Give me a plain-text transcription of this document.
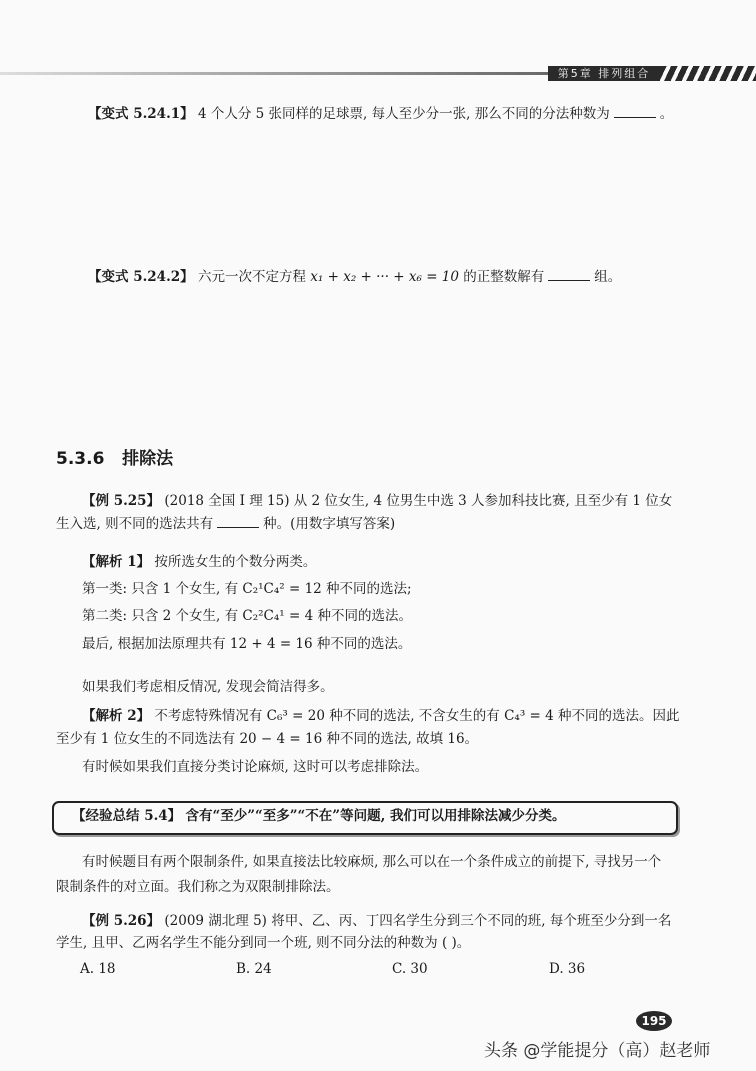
第5章 排列组合
【变式 5.24.1】 4 个人分 5 张同样的足球票, 每人至少分一张, 那么不同的分法种数为	。
【变式 5.24.2】 六元一次不定方程 x₁ + x₂ + ··· + x₆ = 10 的正整数解有	组。
5.3.6 排除法
【例 5.25】 (2018 全国 I 理 15) 从 2 位女生, 4 位男生中选 3 人参加科技比赛, 且至少有 1 位女
生入选, 则不同的选法共有	种。(用数字填写答案)
【解析 1】 按所选女生的个数分两类。
第一类: 只含 1 个女生, 有 C₂¹C₄² = 12 种不同的选法;
第二类: 只含 2 个女生, 有 C₂²C₄¹ = 4 种不同的选法。
最后, 根据加法原理共有 12 + 4 = 16 种不同的选法。
如果我们考虑相反情况, 发现会简洁得多。
【解析 2】 不考虑特殊情况有 C₆³ = 20 种不同的选法, 不含女生的有 C₄³ = 4 种不同的选法。因此
至少有 1 位女生的不同选法有 20 − 4 = 16 种不同的选法, 故填 16。
有时候如果我们直接分类讨论麻烦, 这时可以考虑排除法。
【经验总结 5.4】 含有“至少”“至多”“不在”等问题, 我们可以用排除法减少分类。
有时候题目有两个限制条件, 如果直接法比较麻烦, 那么可以在一个条件成立的前提下, 寻找另一个
限制条件的对立面。我们称之为双限制排除法。
【例 5.26】 (2009 湖北理 5) 将甲、乙、丙、丁四名学生分到三个不同的班, 每个班至少分到一名
学生, 且甲、乙两名学生不能分到同一个班, 则不同分法的种数为 ( )。
A. 18	B. 24	C. 30	D. 36
195
头条 @学能提分（高）赵老师
